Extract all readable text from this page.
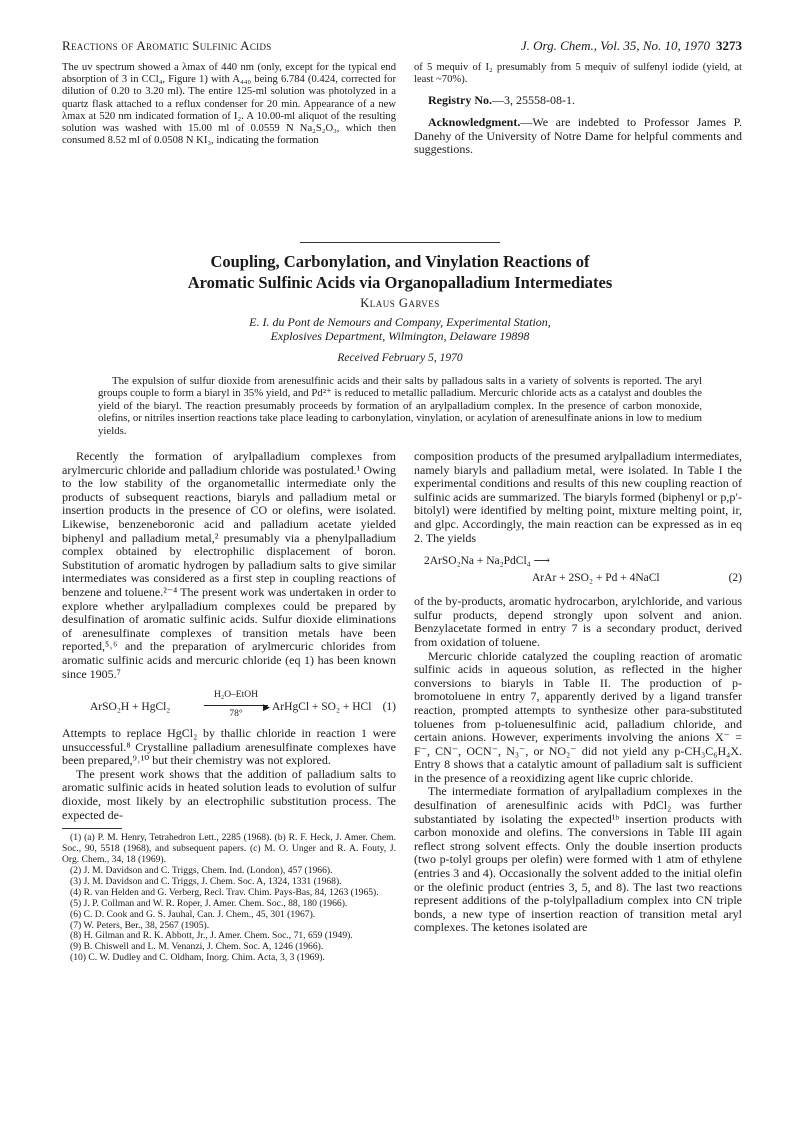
Reactions of Aromatic Sulfinic Acids	J. Org. Chem., Vol. 35, No. 10, 1970 3273

The uv spectrum showed a λmax of 440 nm (only, except for the typical end absorption of 3 in CCl₄, Figure 1) with A₄₄₀ being 6.784 (0.424, corrected for dilution of 0.20 to 3.20 ml). The entire 125-ml solution was photolyzed in a quartz flask attached to a reflux condenser for 20 min. Appearance of a new λmax at 520 nm indicated formation of I₂. A 10.00-ml aliquot of the resulting solution was washed with 15.00 ml of 0.0559 N Na₂S₂O₃, which then consumed 8.52 ml of 0.0508 N KI₃, indicating the formation

of 5 mequiv of I₂ presumably from 5 mequiv of sulfenyl iodide (yield, at least ~70%).

Registry No.—3, 25558-08-1.

Acknowledgment.—We are indebted to Professor James P. Danehy of the University of Notre Dame for helpful comments and suggestions.

Coupling, Carbonylation, and Vinylation Reactions of
Aromatic Sulfinic Acids via Organopalladium Intermediates
Klaus Garves
E. I. du Pont de Nemours and Company, Experimental Station,
Explosives Department, Wilmington, Delaware 19898
Received February 5, 1970
The expulsion of sulfur dioxide from arenesulfinic acids and their salts by palladous salts in a variety of solvents is reported. The aryl groups couple to form a biaryl in 35% yield, and Pd²⁺ is reduced to metallic palladium. Mercuric chloride acts as a catalyst and doubles the yield of the biaryl. The reaction presumably proceeds by formation of an arylpalladium complex. In the presence of carbon monoxide, olefins, or nitriles insertion reactions take place leading to carbonylation, vinylation, or acylation of arenesulfinate anions in low to medium yields.

Recently the formation of arylpalladium complexes from arylmercuric chloride and palladium chloride was postulated.¹ Owing to the low stability of the organometallic intermediate only the products of subsequent reactions, biaryls and palladium metal or insertion products in the presence of CO or olefins, were isolated. Likewise, benzeneboronic acid and palladium acetate yielded biphenyl and palladium metal,² presumably via a phenylpalladium complex obtained by electrophilic displacement of boron. Substitution of aromatic hydrogen by palladium salts to give similar intermediates was considered as a first step in coupling reactions of benzene and toluene.²⁻⁴ The present work was undertaken in order to explore whether arylpalladium complexes could be prepared by desulfination of aromatic sulfinic acids. Sulfur dioxide eliminations of arenesulfinate complexes of transition metals have been reported,⁵˒⁶ and the preparation of arylmercuric chlorides from aromatic sulfinic acids and mercuric chloride (eq 1) has been known since 1905.⁷

ArSO₂H + HgCl₂
H₂O–EtOH
▶
78°
ArHgCl + SO₂ + HCl (1)

Attempts to replace HgCl₂ by thallic chloride in reaction 1 were unsuccessful.⁸ Crystalline palladium arenesulfinate complexes have been prepared,⁹˒¹⁰ but their chemistry was not explored.

The present work shows that the addition of palladium salts to aromatic sulfinic acids in heated solution leads to evolution of sulfur dioxide, most likely by an electrophilic substitution process. The expected de-

(1) (a) P. M. Henry, Tetrahedron Lett., 2285 (1968). (b) R. F. Heck, J. Amer. Chem. Soc., 90, 5518 (1968), and subsequent papers. (c) M. O. Unger and R. A. Fouty, J. Org. Chem., 34, 18 (1969).

(2) J. M. Davidson and C. Triggs, Chem. Ind. (London), 457 (1966).

(3) J. M. Davidson and C. Triggs, J. Chem. Soc. A, 1324, 1331 (1968).

(4) R. van Helden and G. Verberg, Recl. Trav. Chim. Pays-Bas, 84, 1263 (1965).

(5) J. P. Collman and W. R. Roper, J. Amer. Chem. Soc., 88, 180 (1966).

(6) C. D. Cook and G. S. Jauhal, Can. J. Chem., 45, 301 (1967).

(7) W. Peters, Ber., 38, 2567 (1905).

(8) H. Gilman and R. K. Abbott, Jr., J. Amer. Chem. Soc., 71, 659 (1949).

(9) B. Chiswell and L. M. Venanzi, J. Chem. Soc. A, 1246 (1966).

(10) C. W. Dudley and C. Oldham, Inorg. Chim. Acta, 3, 3 (1969).

composition products of the presumed arylpalladium intermediates, namely biaryls and palladium metal, were isolated. In Table I the experimental conditions and results of this new coupling reaction of sulfinic acids are summarized. The biaryls formed (biphenyl or p,p′-bitolyl) were identified by melting point, mixture melting point, ir, and glpc. Accordingly, the main reaction can be expressed as in eq 2. The yields

2ArSO₂Na + Na₂PdCl₄ ⟶
ArAr + 2SO₂ + Pd + 4NaCl	(2)

of the by-products, aromatic hydrocarbon, arylchloride, and various sulfur products, depend strongly upon solvent and anion. Benzylacetate formed in entry 7 is a secondary product, derived from oxidation of toluene.

Mercuric chloride catalyzed the coupling reaction of aromatic sulfinic acids in aqueous solution, as reflected in the higher conversions to biaryls in Table II. The production of p-bromotoluene in entry 7, apparently derived by a ligand transfer reaction, prompted attempts to synthesize other para-substituted toluenes from p-toluenesulfinic acid, palladium chloride, and certain anions. However, experiments involving the anions X⁻ = F⁻, CN⁻, OCN⁻, N₃⁻, or NO₂⁻ did not yield any p-CH₃C₆H₄X. Entry 8 shows that a catalytic amount of palladium salt is sufficient in the presence of a reoxidizing agent like cupric chloride.

The intermediate formation of arylpalladium complexes in the desulfination of arenesulfinic acids with PdCl₂ was further substantiated by isolating the expected¹ᵇ insertion products with carbon monoxide and olefins. The conversions in Table III again reflect strong solvent effects. Only the double insertion products (two p-tolyl groups per olefin) were formed with 1 atm of ethylene (entries 3 and 4). Occasionally the solvent added to the initial olefin or the olefinic product (entries 3, 5, and 8). The last two reactions represent additions of the p-tolylpalladium complex into CN triple bonds, a new type of insertion reaction of transition metal aryl complexes. The ketones isolated are
